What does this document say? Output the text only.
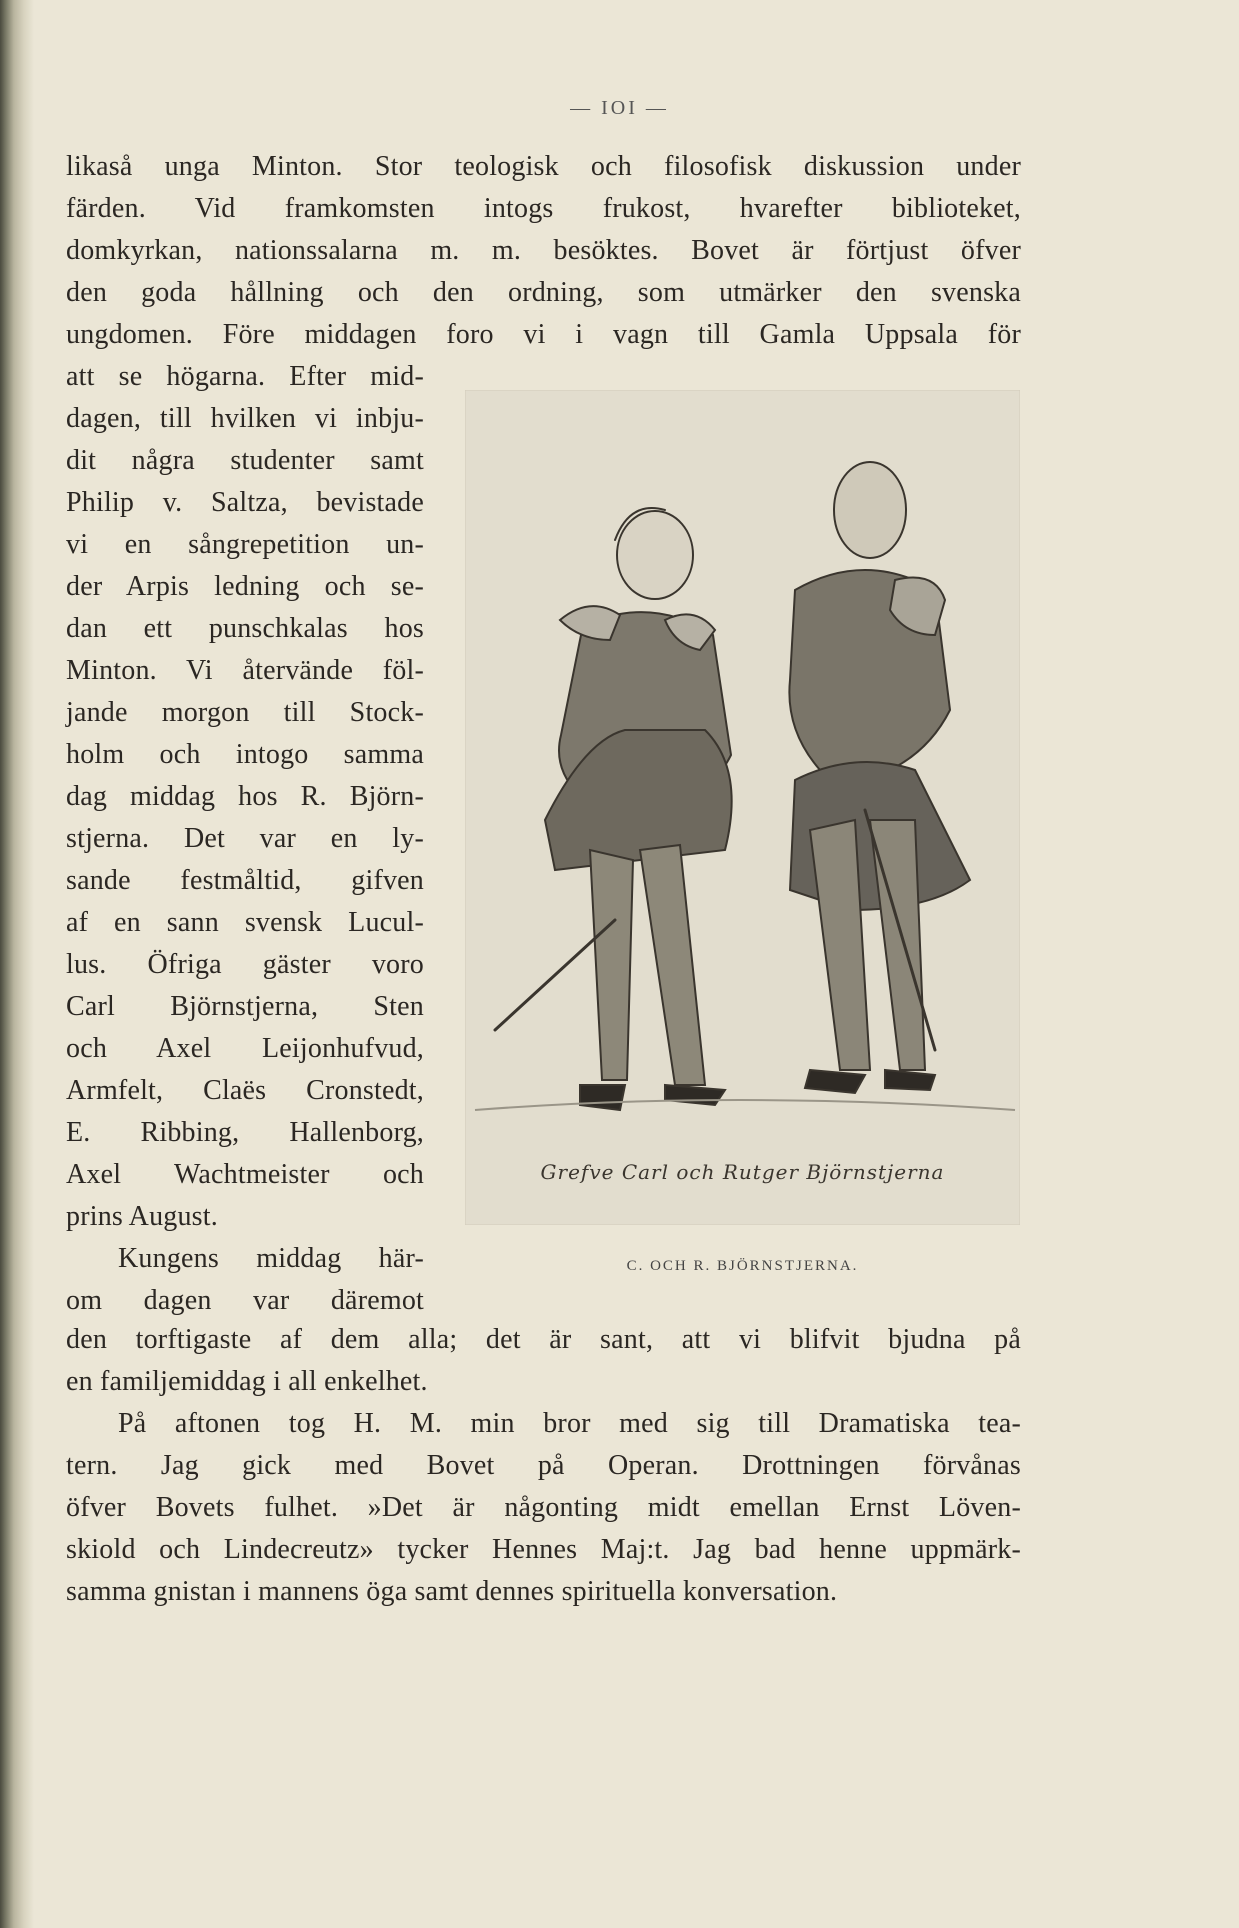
— IOI —
likaså unga Minton. Stor teologisk och filosofisk diskussion under
färden. Vid framkomsten intogs frukost, hvarefter biblioteket,
domkyrkan, nationssalarna m. m. besöktes. Bovet är förtjust öfver
den goda hållning och den ordning, som utmärker den svenska
ungdomen. Före middagen foro vi i vagn till Gamla Uppsala för
att se högarna. Efter mid-
dagen, till hvilken vi inbju-
dit några studenter samt
Philip v. Saltza, bevistade
vi en sångrepetition un-
der Arpis ledning och se-
dan ett punschkalas hos
Minton. Vi återvände föl-
jande morgon till Stock-
holm och intogo samma
dag middag hos R. Björn-
stjerna. Det var en ly-
sande festmåltid, gifven
af en sann svensk Lucul-
lus. Öfriga gäster voro
Carl Björnstjerna, Sten
och Axel Leijonhufvud,
Armfelt, Claës Cronstedt,
E. Ribbing, Hallenborg,
Axel Wachtmeister och
prins August.
Kungens middag här-
om dagen var däremot
den torftigaste af dem alla; det är sant, att vi blifvit bjudna på
en familjemiddag i all enkelhet.
På aftonen tog H. M. min bror med sig till Dramatiska tea-
tern. Jag gick med Bovet på Operan. Drottningen förvånas
öfver Bovets fulhet. »Det är någonting midt emellan Ernst Löven-
skiold och Lindecreutz» tycker Hennes Maj:t. Jag bad henne uppmärk-
samma gnistan i mannens öga samt dennes spirituella konversation.
Grefve Carl och Rutger Björnstjerna
C. OCH R. BJÖRNSTJERNA.
